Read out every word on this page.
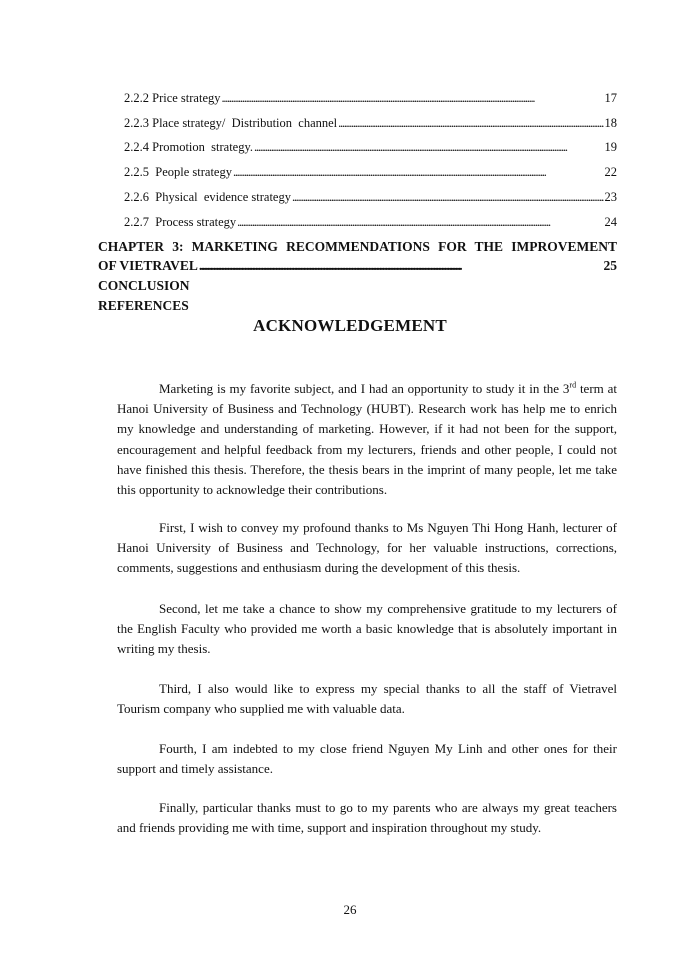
2.2.2 Price strategy . . .	17
2.2.3 Place strategy/  Distribution  channel . . .	18
2.2.4 Promotion  strategy. . . .	19
2.2.5  People strategy . . .	22
2.2.6  Physical  evidence strategy . . .	23
2.2.7  Process strategy . . .	24
CHAPTER 3: MARKETING RECOMMENDATIONS FOR THE IMPROVEMENT
OF VIETRAVEL . . .	25
CONCLUSION
REFERENCES
ACKNOWLEDGEMENT

Marketing is my favorite subject, and I had an opportunity to study it in the 3rd term at Hanoi University of Business and Technology (HUBT). Research work has help me to enrich my knowledge and understanding of marketing. However, if it had not been for the support, encouragement and helpful feedback from my lecturers, friends and other people, I could not have finished this thesis. Therefore, the thesis bears in the imprint of many people, let me take this opportunity to acknowledge their contributions.

First, I wish to convey my profound thanks to Ms Nguyen Thi Hong Hanh, lecturer of Hanoi University of Business and Technology, for her valuable instructions, corrections, comments, suggestions and enthusiasm during the development of this thesis.

Second, let me take a chance to show my comprehensive gratitude to my lecturers of the English Faculty who provided me worth a basic knowledge that is absolutely important in writing my thesis.

Third, I also would like to express my special thanks to all the staff of Vietravel Tourism company who supplied me with valuable data.

Fourth, I am indebted to my close friend Nguyen My Linh and other ones for their support and timely assistance.

Finally, particular thanks must to go to my parents who are always my great teachers and friends providing me with time, support and inspiration throughout my study.

26
